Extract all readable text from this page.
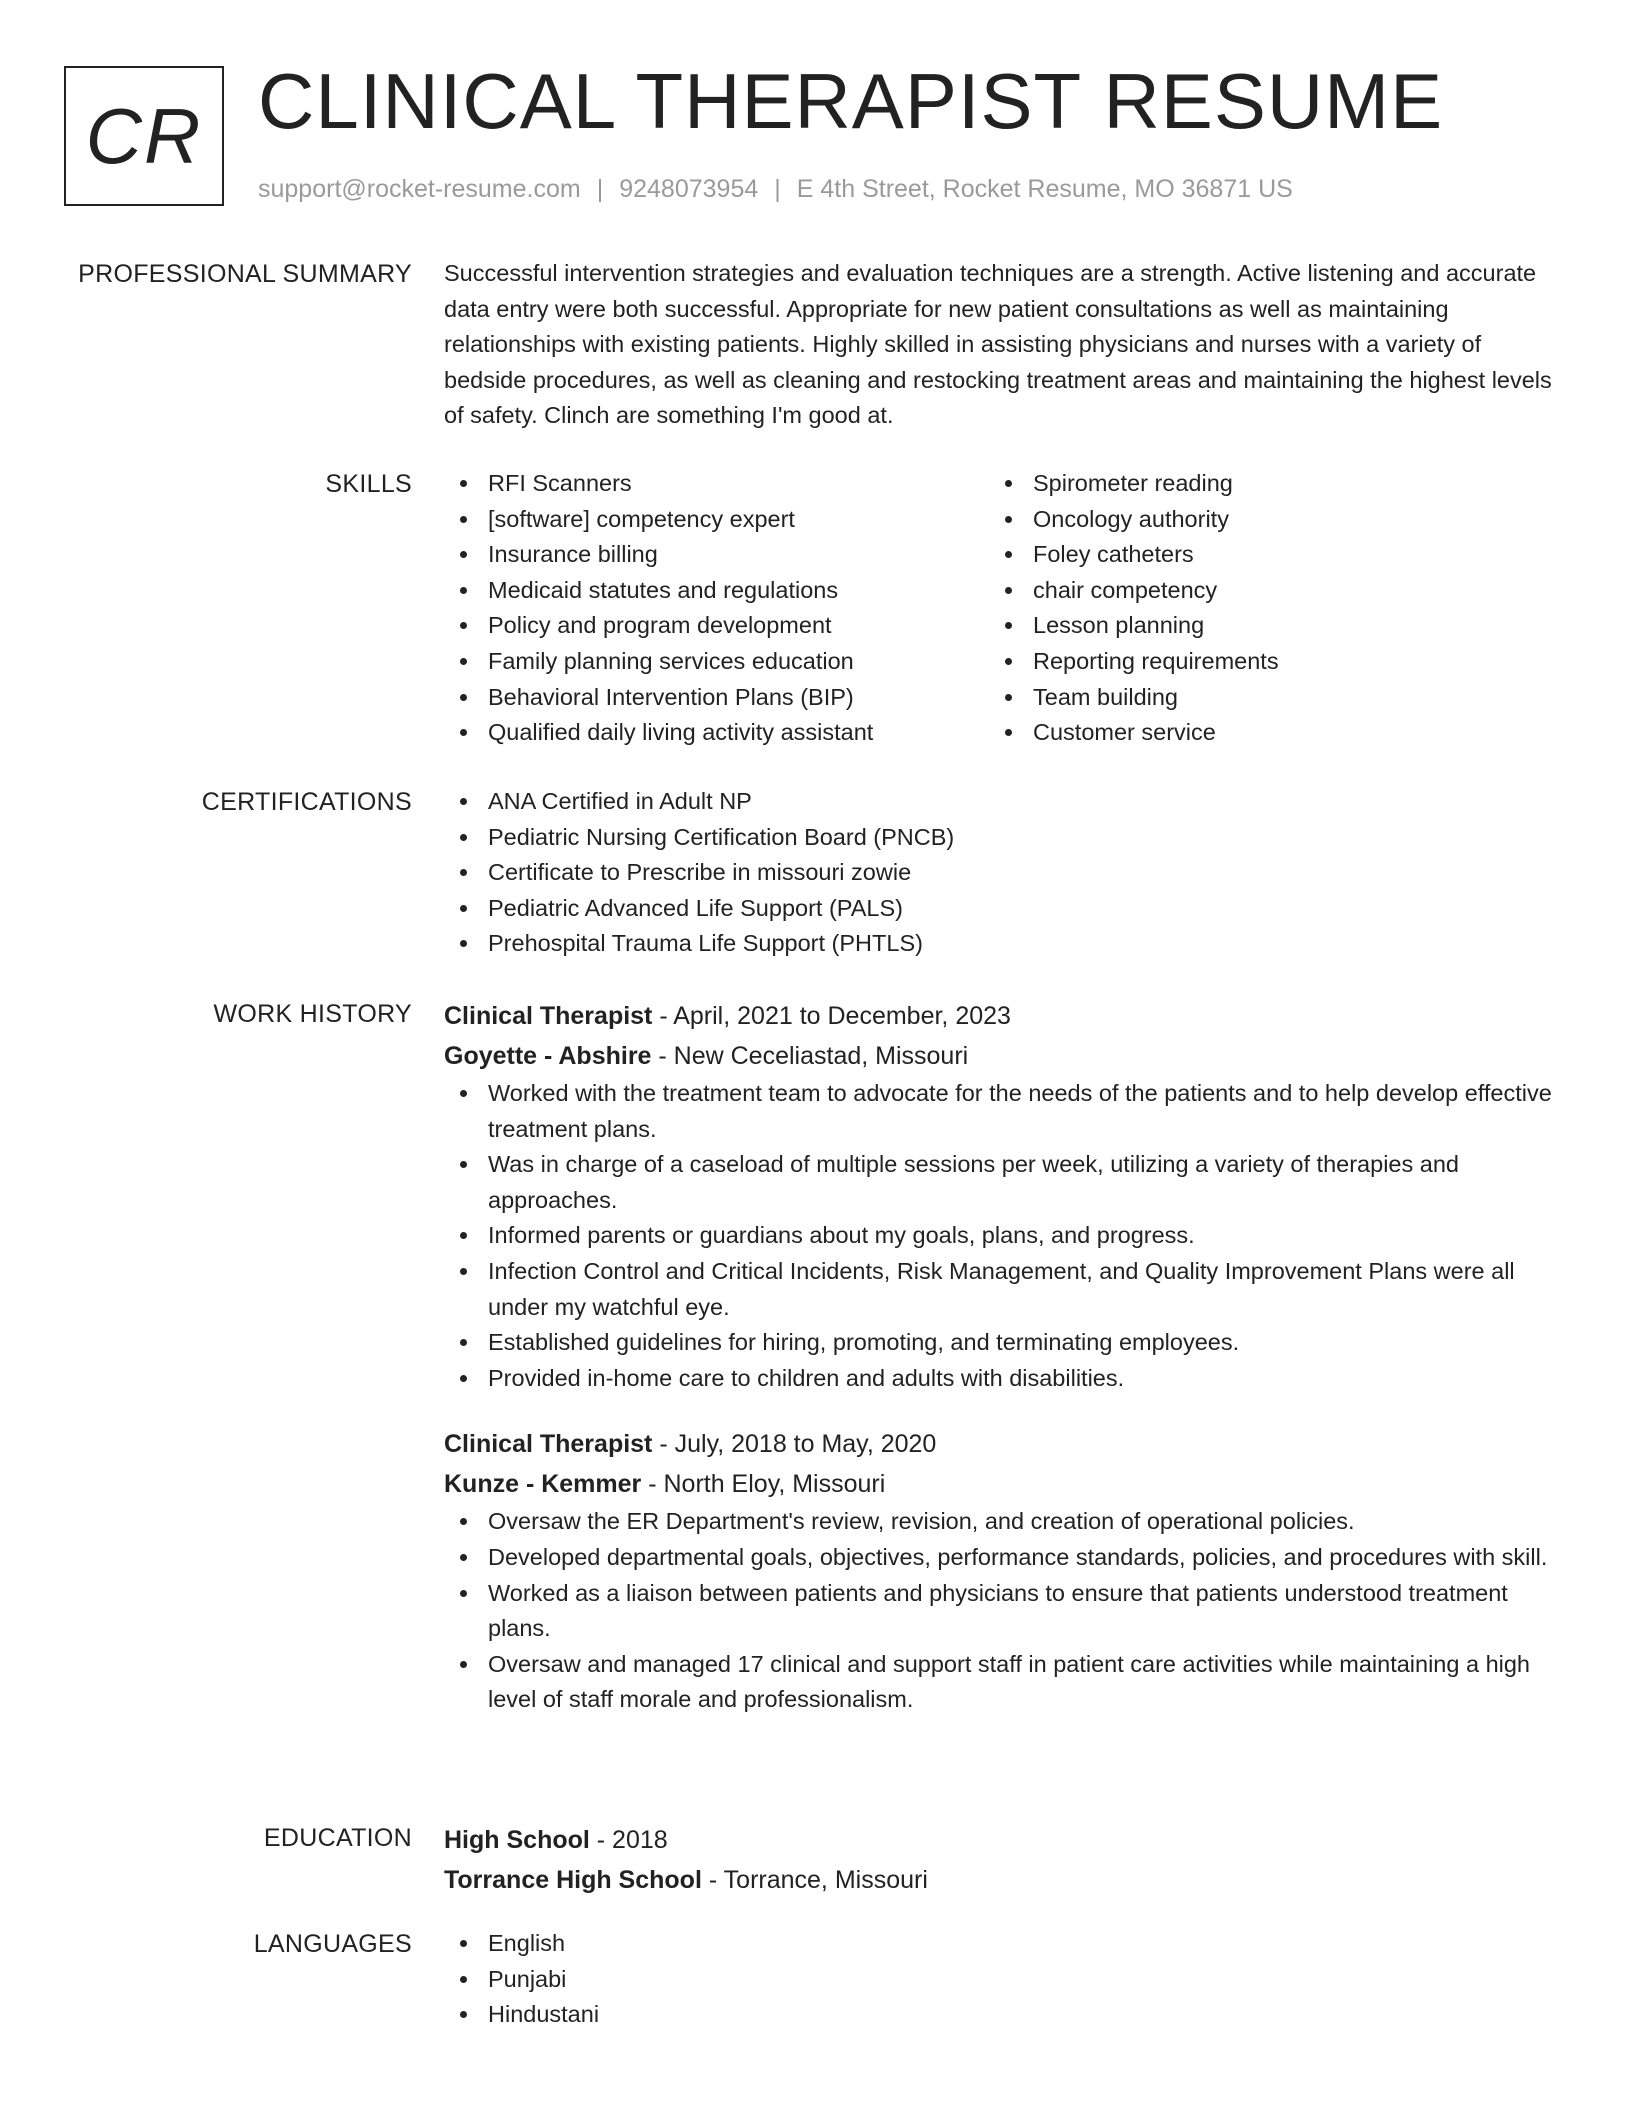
CR CLINICAL THERAPIST RESUME
support@rocket-resume.com | 9248073954 | E 4th Street, Rocket Resume, MO 36871 US
PROFESSIONAL SUMMARY Successful intervention strategies and evaluation techniques are a strength. Active listening and accurate data entry were both successful. Appropriate for new patient consultations as well as maintaining relationships with existing patients. Highly skilled in assisting physicians and nurses with a variety of bedside procedures, as well as cleaning and restocking treatment areas and maintaining the highest levels of safety. Clinch are something I'm good at.

SKILLS	RFI Scanners
[software] competency expert
Insurance billing
Medicaid statutes and regulations
Policy and program development
Family planning services education
Behavioral Intervention Plans (BIP)
Qualified daily living activity assistant
Spirometer reading
Oncology authority
Foley catheters
chair competency
Lesson planning
Reporting requirements
Team building
Customer service
CERTIFICATIONS	ANA Certified in Adult NP
Pediatric Nursing Certification Board (PNCB)
Certificate to Prescribe in missouri zowie
Pediatric Advanced Life Support (PALS)
Prehospital Trauma Life Support (PHTLS)
WORK HISTORY Clinical Therapist - April, 2021 to December, 2023
Goyette - Abshire - New Ceceliastad, Missouri
Worked with the treatment team to advocate for the needs of the patients and to help develop effective treatment plans.
Was in charge of a caseload of multiple sessions per week, utilizing a variety of therapies and approaches.
Informed parents or guardians about my goals, plans, and progress.
Infection Control and Critical Incidents, Risk Management, and Quality Improvement Plans were all under my watchful eye.
Established guidelines for hiring, promoting, and terminating employees.
Provided in-home care to children and adults with disabilities.
Clinical Therapist - July, 2018 to May, 2020
Kunze - Kemmer - North Eloy, Missouri
Oversaw the ER Department's review, revision, and creation of operational policies.
Developed departmental goals, objectives, performance standards, policies, and procedures with skill.
Worked as a liaison between patients and physicians to ensure that patients understood treatment plans.
Oversaw and managed 17 clinical and support staff in patient care activities while maintaining a high level of staff morale and professionalism.
EDUCATION High School - 2018
Torrance High School - Torrance, Missouri
LANGUAGES	English
Punjabi
Hindustani
